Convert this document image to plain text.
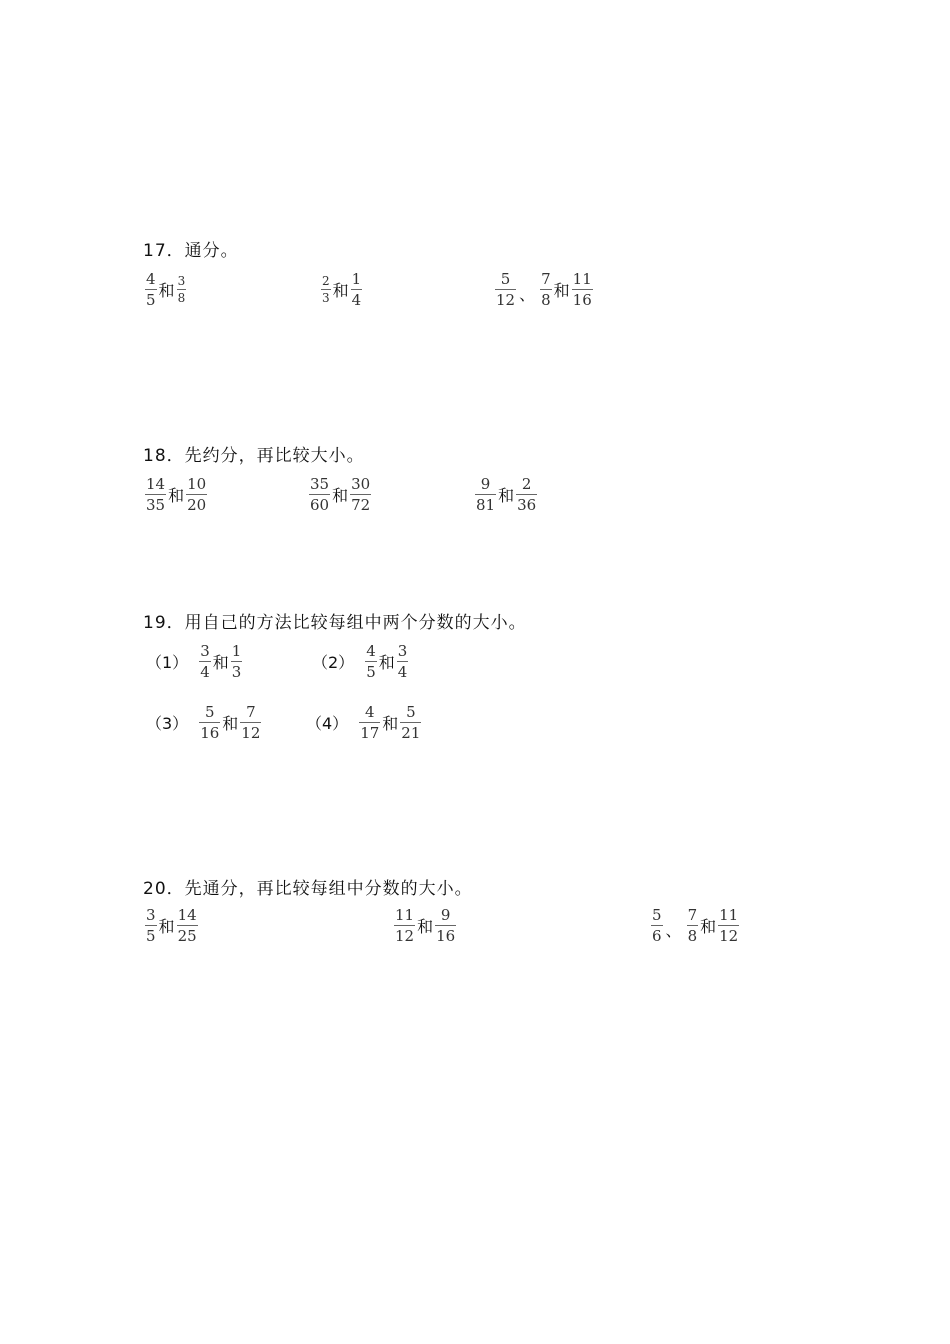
17．通分。
$\frac{4}{5}$ 和 $\frac{3}{8}$	$\frac{2}{3}$ 和 $\frac{1}{4}$	$\frac{5}{12}$ 、 $\frac{7}{8}$ 和 $\frac{11}{16}$
18．先约分，再比较大小。
$\frac{14}{35}$ 和 $\frac{10}{20}$	$\frac{35}{60}$ 和 $\frac{30}{72}$	$\frac{9}{81}$ 和 $\frac{2}{36}$
19．用自己的方法比较每组中两个分数的大小。
$(1) \frac{3}{4}$ 和 $\frac{1}{3}$	$(2) \frac{4}{5}$ 和 $\frac{3}{4}$
$(3) \frac{5}{16}$ 和 $\frac{7}{12}$	$(4) \frac{4}{17}$ 和 $\frac{5}{21}$
20．先通分，再比较每组中分数的大小。
$\frac{3}{5}$ 和 $\frac{14}{25}$	$\frac{11}{12}$ 和 $\frac{9}{16}$	$\frac{5}{6}$ 、 $\frac{7}{8}$ 和 $\frac{11}{12}$
